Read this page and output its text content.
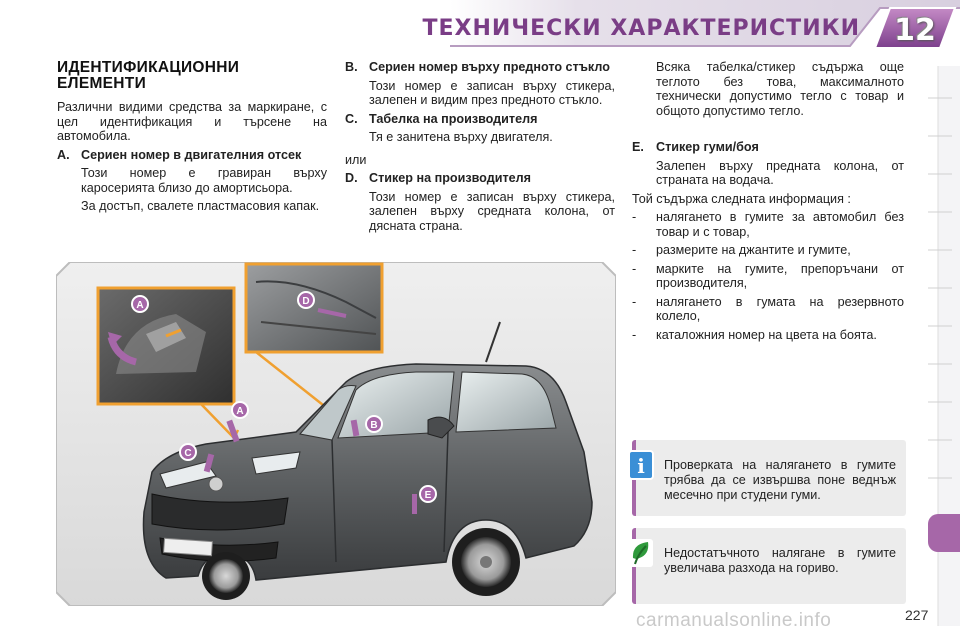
ТЕХНИЧЕСКИ ХАРАКТЕРИСТИКИ 12
ИДЕНТИФИКАЦИОННИ ЕЛЕМЕНТИ

Различни видими средства за маркиране, с цел идентификация и търсене на автомобила.

A. Сериен номер в двигателния отсек

Този номер е гравиран върху каросерията близо до амортисьора.

За достъп, свалете пластмасовия капак.

B. Сериен номер върху предното стъкло

Този номер е записан върху стикера, залепен и видим през предното стъкло.

C. Табелка на производителя

Тя е занитена върху двигателя.

или

D. Стикер на производителя

Този номер е записан върху стикера, залепен върху средната колона, от дясната страна.

Всяка табелка/стикер съдържа още теглото без това, максималното технически допустимо тегло с товар и общото допустимо тегло.

E. Стикер гуми/боя

Залепен върху предната колона, от страната на водача.

Той съдържа следната информация :

-	налягането в гумите за автомобил без товар и с товар,
-	размерите на джантите и гумите,
-	марките на гумите, препоръчани от производителя,
-	налягането в гумата на резервното колело,
-	каталожния номер на цвета на боята.
A	D
A
B
C
E
i Проверката на налягането в гумите трябва да се извършва поне веднъж месечно при студени гуми.
Недостатъчното налягане в гумите увеличава разхода на гориво.
227
carmanualsonline.info
